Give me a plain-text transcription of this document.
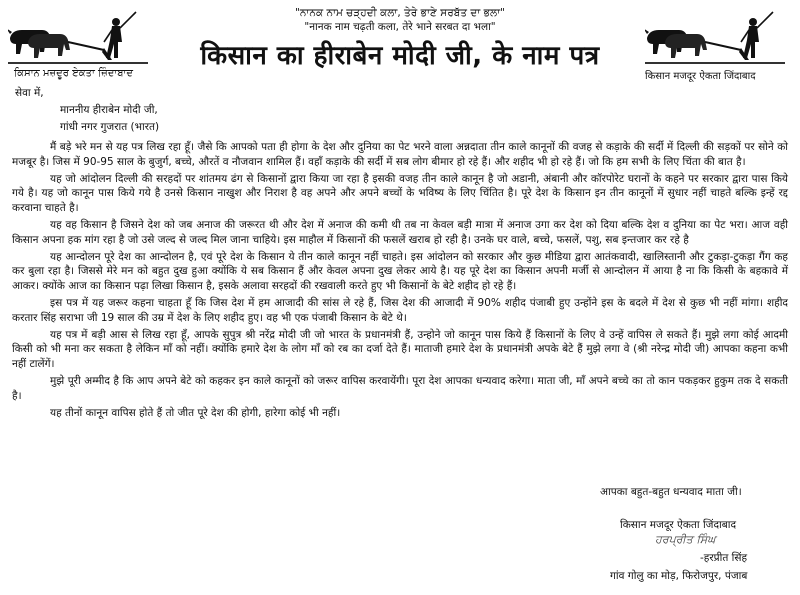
ਕਿਸਾਨ ਮਜ਼ਦੂਰ ਏਕਤਾ ਜ਼ਿੰਦਾਬਾਦ
"ਨਾਨਕ ਨਾਮ ਚੜ੍ਹਦੀ ਕਲਾ, ਤੇਰੇ ਭਾਣੇ ਸਰਬੱਤ ਦਾ ਭਲਾ"
"नानक नाम चढ़ती कला, तेरे भाने सरबत दा भला"
किसान का हीराबेन मोदी जी, के नाम पत्र
किसान मजदूर ऐकता जिंदाबाद
सेवा में,
माननीय हीराबेन मोदी जी,
गांधी नगर गुजरात (भारत)

मैं बड़े भरे मन से यह पत्र लिख रहा हूँ। जैसे कि आपको पता ही होगा के देश और दुनिया का पेट भरने वाला अन्नदाता तीन काले कानूनों की वजह से कड़ाके की सर्दी में दिल्ली की सड़कों पर सोने को मजबूर है। जिस में 90-95 साल के बुजुर्ग, बच्चे, औरतें व नौजवान शामिल हैं। वहाँ कड़ाके की सर्दी में सब लोग बीमार हो रहे हैं। और शहीद भी हो रहे हैं। जो कि हम सभी के लिए चिंता की बात है।

यह जो आंदोलन दिल्ली की सरहदों पर शांतमय ढंग से किसानों द्वारा किया जा रहा है इसकी वजह तीन काले कानून है जो अडानी, अंबानी और कॉरपोरेट घरानों के कहने पर सरकार द्वारा पास किये गये है। यह जो कानून पास किये गये है उनसे किसान नाखुश और निराश है वह अपने और अपने बच्चों के भविष्य के लिए चिंतित है। पूरे देश के किसान इन तीन कानूनों में सुधार नहीं चाहते बल्कि इन्हें रद्द करवाना चाहते है।

यह वह किसान है जिसने देश को जब अनाज की जरूरत थी और देश में अनाज की कमी थी तब ना केवल बड़ी मात्रा में अनाज उगा कर देश को दिया बल्कि देश व दुनिया का पेट भरा। आज वही किसान अपना हक मांग रहा है जो उसे जल्द से जल्द मिल जाना चाहिये। इस माहौल में किसानों की फसलें खराब हो रही है। उनके घर वाले, बच्चे, फसलें, पशु, सब इन्तजार कर रहे है

यह आन्दोलन पूरे देश का आन्दोलन है, एवं पूरे देश के किसान ये तीन काले कानून नहीं चाहते। इस आंदोलन को सरकार और कुछ मीडिया द्वारा आतंकवादी, खालिस्तानी और टुकड़ा-टुकड़ा गैंग कह कर बुला रहा है। जिससे मेरे मन को बहुत दुख हुआ क्योंकि ये सब किसान हैं और केवल अपना दुख लेकर आये है। यह पूरे देश का किसान अपनी मर्जी से आन्दोलन में आया है ना कि किसी के बहकावे में आकर। क्योंके आज का किसान पढ़ा लिखा किसान है, इसके अलावा सरहदों की रखवाली करते हुए भी किसानों के बेटे शहीद हो रहे हैं।

इस पत्र में यह जरूर कहना चाहता हूँ कि जिस देश में हम आजादी की सांस ले रहे हैं, जिस देश की आजादी में 90% शहीद पंजाबी हुए उन्होंने इस के बदले में देश से कुछ भी नहीं मांगा। शहीद करतार सिंह सराभा जी 19 साल की उम्र में देश के लिए शहीद हुए। वह भी एक पंजाबी किसान के बेटे थे।

यह पत्र में बड़ी आस से लिख रहा हूँ, आपके सुपुत्र श्री नरेंद्र मोदी जी जो भारत के प्रधानमंत्री हैं, उन्होने जो कानून पास किये हैं किसानों के लिए वे उन्हें वापिस ले सकते हैं। मुझे लगा कोई आदमी किसी को भी मना कर सकता है लेकिन माँ को नहीं। क्योंकि हमारे देश के लोग माँ को रब का दर्जा देते हैं। माताजी हमारे देश के प्रधानमंत्री अपके बेटे हैं मुझे लगा वे (श्री नरेन्द्र मोदी जी) आपका कहना कभी नहीं टालेंगें।

मुझे पूरी अम्मीद है कि आप अपने बेटे को कहकर इन काले कानूनों को जरूर वापिस करवायेंगी। पूरा देश आपका धन्यवाद करेगा। माता जी, माँ अपने बच्चे का तो कान पकड़कर हुकुम तक दे सकती है।

यह तीनों कानून वापिस होते हैं तो जीत पूरे देश की होगी, हारेगा कोई भी नहीं।

आपका बहुत-बहुत धन्यवाद माता जी।
किसान मजदूर ऐकता जिंदाबाद
ਹਰਪ੍ਰੀਤ ਸਿੰਘ
-हरप्रीत सिंह
गांव गोलु का मोड़, फिरोजपुर, पंजाब
